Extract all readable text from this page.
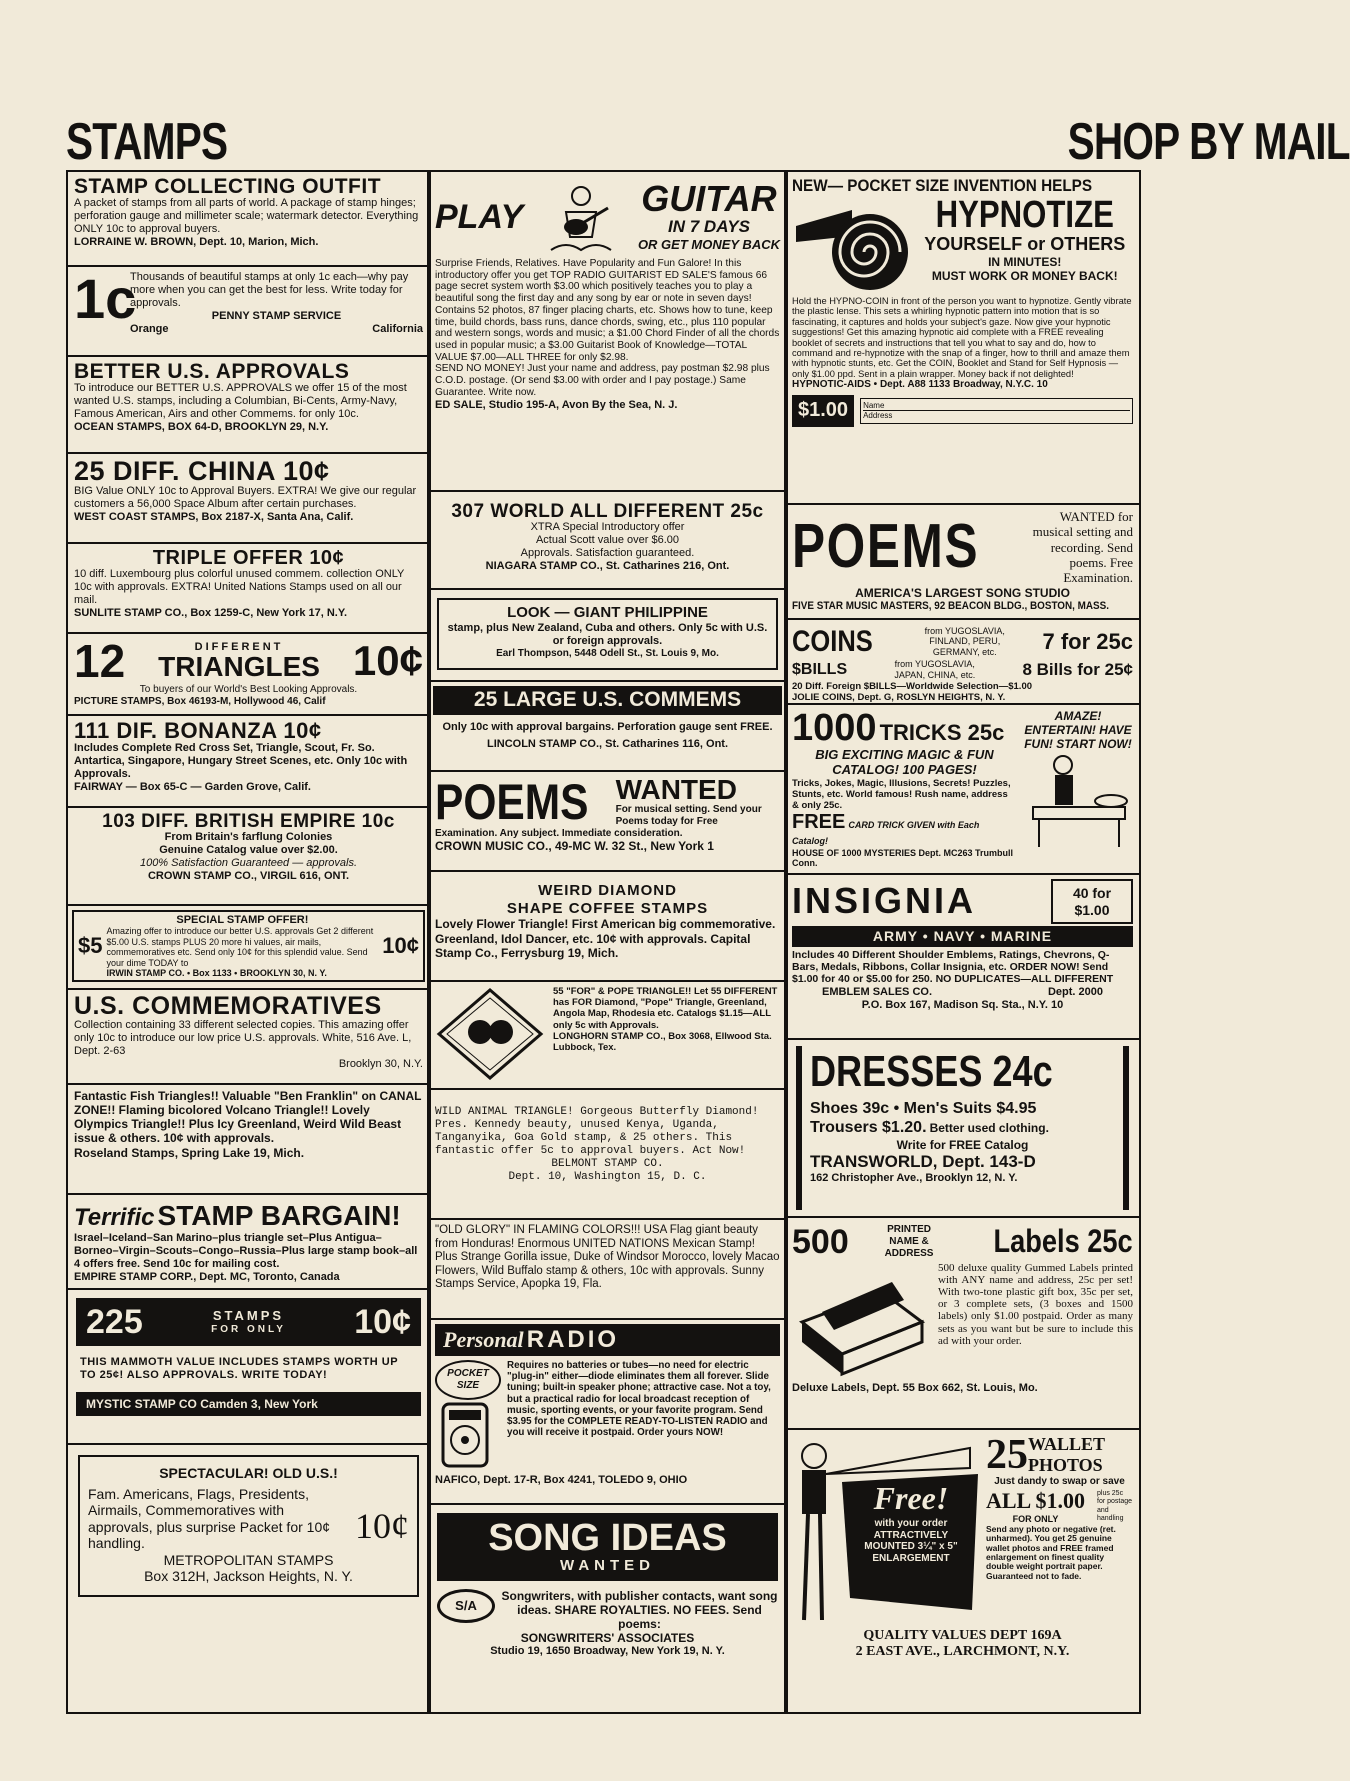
STAMPS	SHOP BY MAIL
STAMP COLLECTING OUTFIT
A packet of stamps from all parts of world. A package of stamp hinges; perforation gauge and millimeter scale; watermark detector. Everything ONLY 10c to approval buyers.
LORRAINE W. BROWN, Dept. 10, Marion, Mich.
1c
Thousands of beautiful stamps at only 1c each—why pay more when you can get the best for less. Write today for approvals.
PENNY STAMP SERVICE
Orange	California
BETTER U.S. APPROVALS
To introduce our BETTER U.S. APPROVALS we offer 15 of the most wanted U.S. stamps, including a Columbian, Bi-Cents, Army-Navy, Famous American, Airs and other Commems. for only 10c.
OCEAN STAMPS, BOX 64-D, BROOKLYN 29, N.Y.
25 DIFF. CHINA 10¢
BIG Value ONLY 10c to Approval Buyers. EXTRA! We give our regular customers a 56,000 Space Album after certain purchases.
WEST COAST STAMPS, Box 2187-X, Santa Ana, Calif.
TRIPLE OFFER 10¢
10 diff. Luxembourg plus colorful unused commem. collection ONLY 10c with approvals. EXTRA! United Nations Stamps used on all our mail.
SUNLITE STAMP CO., Box 1259-C, New York 17, N.Y.
12	DIFFERENT
TRIANGLES 10¢
To buyers of our World's Best Looking Approvals.
PICTURE STAMPS, Box 46193-M, Hollywood 46, Calif
111 DIF. BONANZA 10¢
Includes Complete Red Cross Set, Triangle, Scout, Fr. So. Antartica, Singapore, Hungary Street Scenes, etc. Only 10c with Approvals.
FAIRWAY — Box 65-C — Garden Grove, Calif.
103 DIFF. BRITISH EMPIRE 10c
From Britain's farflung Colonies
Genuine Catalog value over $2.00.
100% Satisfaction Guaranteed — approvals.
CROWN STAMP CO., VIRGIL 616, ONT.
$5
SPECIAL STAMP OFFER!
Amazing offer to introduce our better U.S. approvals Get 2 different $5.00 U.S. stamps PLUS 20 more hi values, air mails, commemoratives etc. Send only 10¢ for this splendid value. Send your dime TODAY to
IRWIN STAMP CO. • Box 1133 • BROOKLYN 30, N. Y.
10¢
U.S. COMMEMORATIVES
Collection containing 33 different selected copies. This amazing offer only 10c to introduce our low price U.S. approvals. White, 516 Ave. L, Dept. 2-63
Brooklyn 30, N.Y.
Fantastic Fish Triangles!! Valuable "Ben Franklin" on CANAL ZONE!! Flaming bicolored Volcano Triangle!! Lovely Olympics Triangle!! Plus Icy Greenland, Weird Wild Beast issue & others. 10¢ with approvals.
Roseland Stamps, Spring Lake 19, Mich.
Terrific STAMP BARGAIN!
Israel–Iceland–San Marino–plus triangle set–Plus Antigua–Borneo–Virgin–Scouts–Congo–Russia–Plus large stamp book–all 4 offers free. Send 10c for mailing cost.
EMPIRE STAMP CORP., Dept. MC, Toronto, Canada
225	STAMPS
FOR ONLY 10¢
THIS MAMMOTH VALUE INCLUDES STAMPS WORTH UP TO 25¢! ALSO APPROVALS. WRITE TODAY!
MYSTIC STAMP CO Camden 3, New York
SPECTACULAR! OLD U.S.!
Fam. Americans, Flags, Presidents, Airmails, Commemoratives with approvals, plus surprise Packet for 10¢ handling.	10¢
METROPOLITAN STAMPS
Box 312H, Jackson Heights, N. Y.
PLAY	GUITAR
IN 7 DAYS
OR GET MONEY BACK
Surprise Friends, Relatives. Have Popularity and Fun Galore! In this introductory offer you get TOP RADIO GUITARIST ED SALE'S famous 66 page secret system worth $3.00 which positively teaches you to play a beautiful song the first day and any song by ear or note in seven days! Contains 52 photos, 87 finger placing charts, etc. Shows how to tune, keep time, build chords, bass runs, dance chords, swing, etc., plus 110 popular and western songs, words and music; a $1.00 Chord Finder of all the chords used in popular music; a $3.00 Guitarist Book of Knowledge—TOTAL VALUE $7.00—ALL THREE for only $2.98.
SEND NO MONEY! Just your name and address, pay postman $2.98 plus C.O.D. postage. (Or send $3.00 with order and I pay postage.) Same Guarantee. Write now.
ED SALE, Studio 195-A, Avon By the Sea, N. J.
307 WORLD ALL DIFFERENT 25c
XTRA Special Introductory offer
Actual Scott value over $6.00
Approvals. Satisfaction guaranteed.
NIAGARA STAMP CO., St. Catharines 216, Ont.
LOOK — GIANT PHILIPPINE
stamp, plus New Zealand, Cuba and others. Only 5c with U.S. or foreign approvals.
Earl Thompson, 5448 Odell St., St. Louis 9, Mo.
25 LARGE U.S. COMMEMS
Only 10c with approval bargains. Perforation gauge sent FREE.
LINCOLN STAMP CO., St. Catharines 116, Ont.
POEMS WANTED
For musical setting. Send your Poems today for Free
Examination. Any subject. Immediate consideration.
CROWN MUSIC CO., 49-MC W. 32 St., New York 1
WEIRD DIAMOND
SHAPE COFFEE STAMPS
Lovely Flower Triangle! First American big commemorative. Greenland, Idol Dancer, etc. 10¢ with approvals. Capital Stamp Co., Ferrysburg 19, Mich.
55 "FOR" & POPE TRIANGLE!! Let 55 DIFFERENT has FOR Diamond, "Pope" Triangle, Greenland, Angola Map, Rhodesia etc. Catalogs $1.15—ALL only 5c with Approvals.
LONGHORN STAMP CO., Box 3068, Ellwood Sta. Lubbock, Tex.
WILD ANIMAL TRIANGLE! Gorgeous Butterfly Diamond! Pres. Kennedy beauty, unused Kenya, Uganda, Tanganyika, Goa Gold stamp, & 25 others. This fantastic offer 5c to approval buyers. Act Now!
BELMONT STAMP CO.
Dept. 10, Washington 15, D. C.
"OLD GLORY" IN FLAMING COLORS!!! USA Flag giant beauty from Honduras! Enormous UNITED NATIONS Mexican Stamp! Plus Strange Gorilla issue, Duke of Windsor Morocco, lovely Macao Flowers, Wild Buffalo stamp & others, 10c with approvals. Sunny Stamps Service, Apopka 19, Fla.
Personal RADIO
POCKET
SIZE
Requires no batteries or tubes—no need for electric "plug-in" either—diode eliminates them all forever. Slide tuning; built-in speaker phone; attractive case. Not a toy, but a practical radio for local broadcast reception of music, sporting events, or your favorite program. Send $3.95 for the COMPLETE READY-TO-LISTEN RADIO and you will receive it postpaid. Order yours NOW!
NAFICO, Dept. 17-R, Box 4241, TOLEDO 9, OHIO
SONG IDEAS
WANTED
S/A
Songwriters, with publisher contacts, want song ideas. SHARE ROYALTIES. NO FEES. Send poems:
SONGWRITERS' ASSOCIATES
Studio 19, 1650 Broadway, New York 19, N. Y.
NEW— POCKET SIZE INVENTION HELPS
HYPNOTIZE
YOURSELF or OTHERS
IN MINUTES!
MUST WORK OR MONEY BACK!
Hold the HYPNO-COIN in front of the person you want to hypnotize. Gently vibrate the plastic lense. This sets a whirling hypnotic pattern into motion that is so fascinating, it captures and holds your subject's gaze. Now give your hypnotic suggestions! Get this amazing hypnotic aid complete with a FREE revealing booklet of secrets and instructions that tell you what to say and do, how to command and re-hypnotize with the snap of a finger, how to thrill and amaze them with hypnotic stunts, etc. Get the COIN, Booklet and Stand for Self Hypnosis — only $1.00 ppd. Sent in a plain wrapper. Money back if not delighted!
HYPNOTIC-AIDS • Dept. A88 1133 Broadway, N.Y.C. 10
$1.00	Name
Address
POEMS	WANTED for musical setting and recording. Send poems. Free Examination.
AMERICA'S LARGEST SONG STUDIO
FIVE STAR MUSIC MASTERS, 92 BEACON BLDG., BOSTON, MASS.
COINS	from YUGOSLAVIA, FINLAND, PERU, GERMANY, etc.	7 for 25c
$BILLS	from YUGOSLAVIA, JAPAN, CHINA, etc.	8 Bills for 25¢
20 Diff. Foreign $BILLS—Worldwide Selection—$1.00
JOLIE COINS, Dept. G, ROSLYN HEIGHTS, N. Y.
1000 TRICKS 25c
BIG EXCITING MAGIC & FUN CATALOG! 100 PAGES!
Tricks, Jokes, Magic, Illusions, Secrets! Puzzles, Stunts, etc. World famous! Rush name, address & only 25c.
FREE CARD TRICK GIVEN with Each Catalog!
HOUSE OF 1000 MYSTERIES Dept. MC263 Trumbull Conn.
AMAZE! ENTERTAIN! HAVE FUN! START NOW!
INSIGNIA	40 for $1.00
ARMY • NAVY • MARINE
Includes 40 Different Shoulder Emblems, Ratings, Chevrons, Q-Bars, Medals, Ribbons, Collar Insignia, etc. ORDER NOW! Send $1.00 for 40 or $5.00 for 250. NO DUPLICATES—ALL DIFFERENT
EMBLEM SALES CO.	Dept. 2000
P.O. Box 167, Madison Sq. Sta., N.Y. 10
DRESSES 24c
Shoes 39c • Men's Suits $4.95
Trousers $1.20. Better used clothing.
Write for FREE Catalog
TRANSWORLD, Dept. 143-D
162 Christopher Ave., Brooklyn 12, N. Y.
500	PRINTED NAME & ADDRESS Labels 25c
500 deluxe quality Gummed Labels printed with ANY name and address, 25c per set! With two-tone plastic gift box, 35c per set, or 3 complete sets, (3 boxes and 1500 labels) only $1.00 postpaid. Order as many sets as you want but be sure to include this ad with your order.
Deluxe Labels, Dept. 55 Box 662, St. Louis, Mo.
Free!
with your order ATTRACTIVELY MOUNTED 3¼" x 5" ENLARGEMENT
25 WALLET PHOTOS
Just dandy to swap or save
ALL $1.00
FOR ONLY
plus 25c for postage and handling
Send any photo or negative (ret. unharmed). You get 25 genuine wallet photos and FREE framed enlargement on finest quality double weight portrait paper. Guaranteed not to fade.
QUALITY VALUES DEPT 169A
2 EAST AVE., LARCHMONT, N.Y.
